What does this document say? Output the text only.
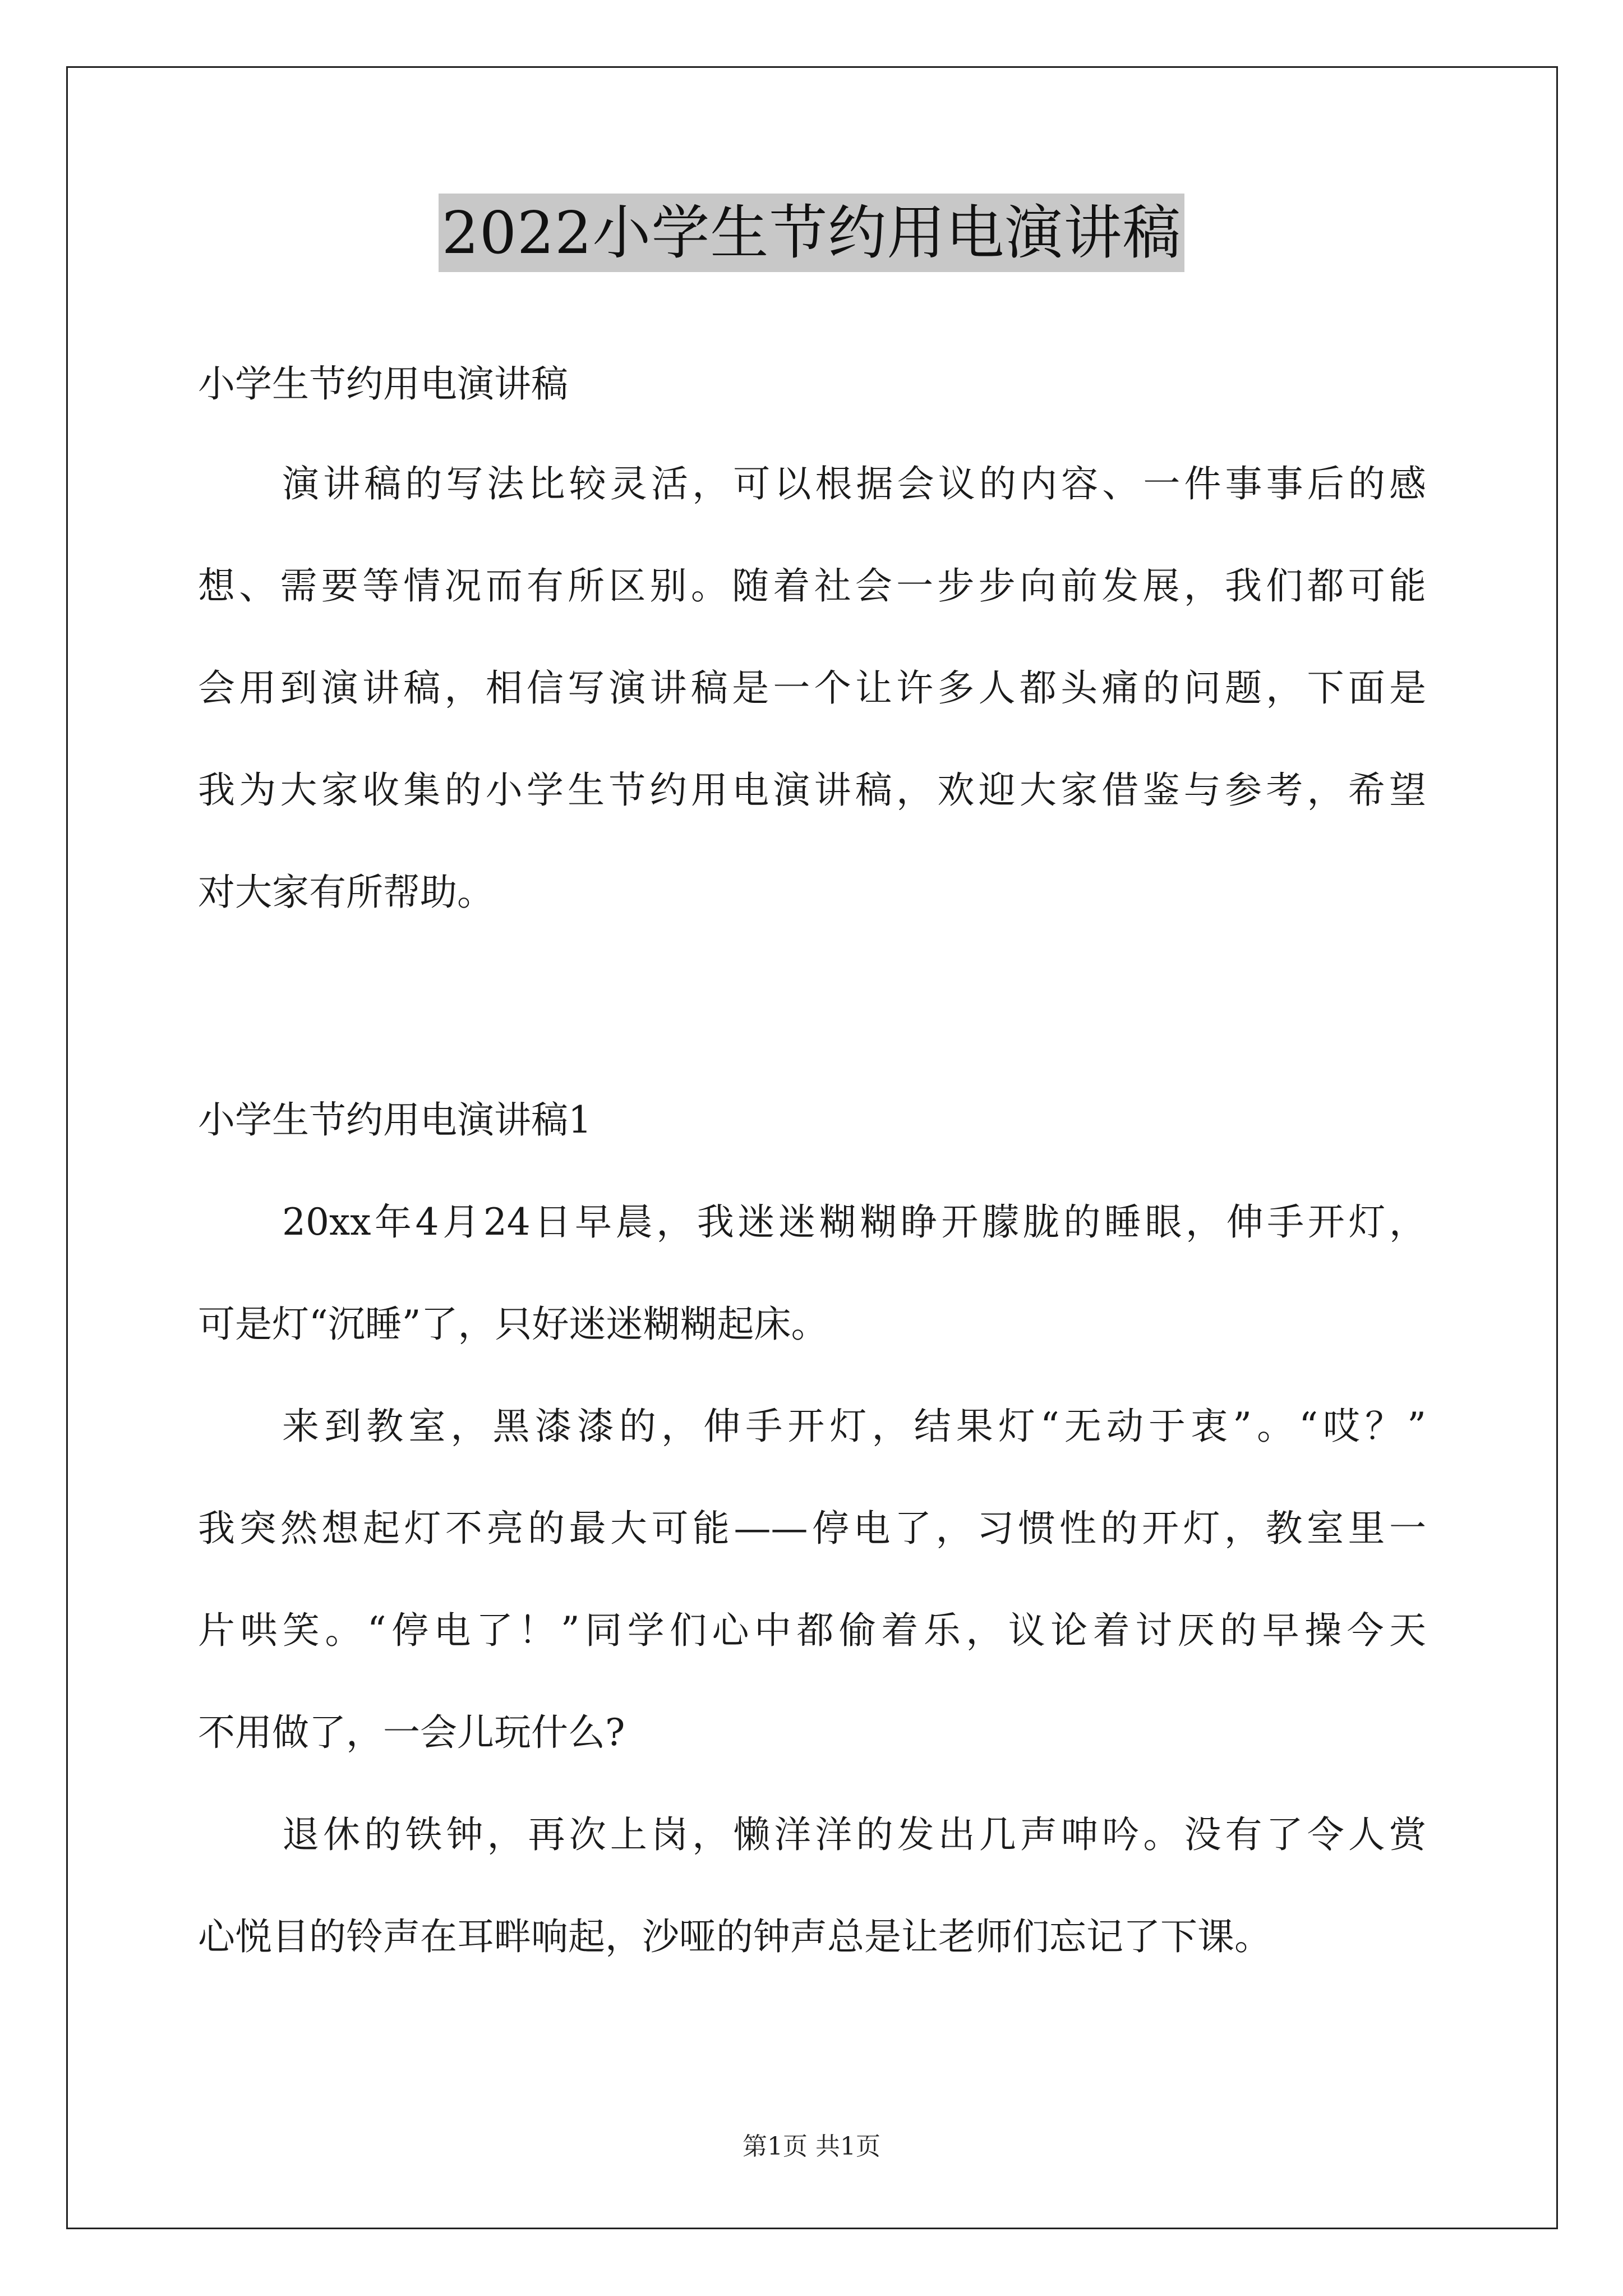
2022小学生节约用电演讲稿
小学生节约用电演讲稿
演讲稿的写法比较灵活，可以根据会议的内容、一件事事后的感
想、需要等情况而有所区别。随着社会一步步向前发展，我们都可能
会用到演讲稿，相信写演讲稿是一个让许多人都头痛的问题，下面是
我为大家收集的小学生节约用电演讲稿，欢迎大家借鉴与参考，希望
对大家有所帮助。
小学生节约用电演讲稿1
20xx年4月24日早晨，我迷迷糊糊睁开朦胧的睡眼，伸手开灯，
可是灯“沉睡”了，只好迷迷糊糊起床。
来到教室，黑漆漆的，伸手开灯，结果灯“无动于衷”。“哎？”
我突然想起灯不亮的最大可能——停电了，习惯性的开灯，教室里一
片哄笑。“停电了！”同学们心中都偷着乐，议论着讨厌的早操今天
不用做了，一会儿玩什么?
退休的铁钟，再次上岗，懒洋洋的发出几声呻吟。没有了令人赏
心悦目的铃声在耳畔响起，沙哑的钟声总是让老师们忘记了下课。
第1页 共1页
